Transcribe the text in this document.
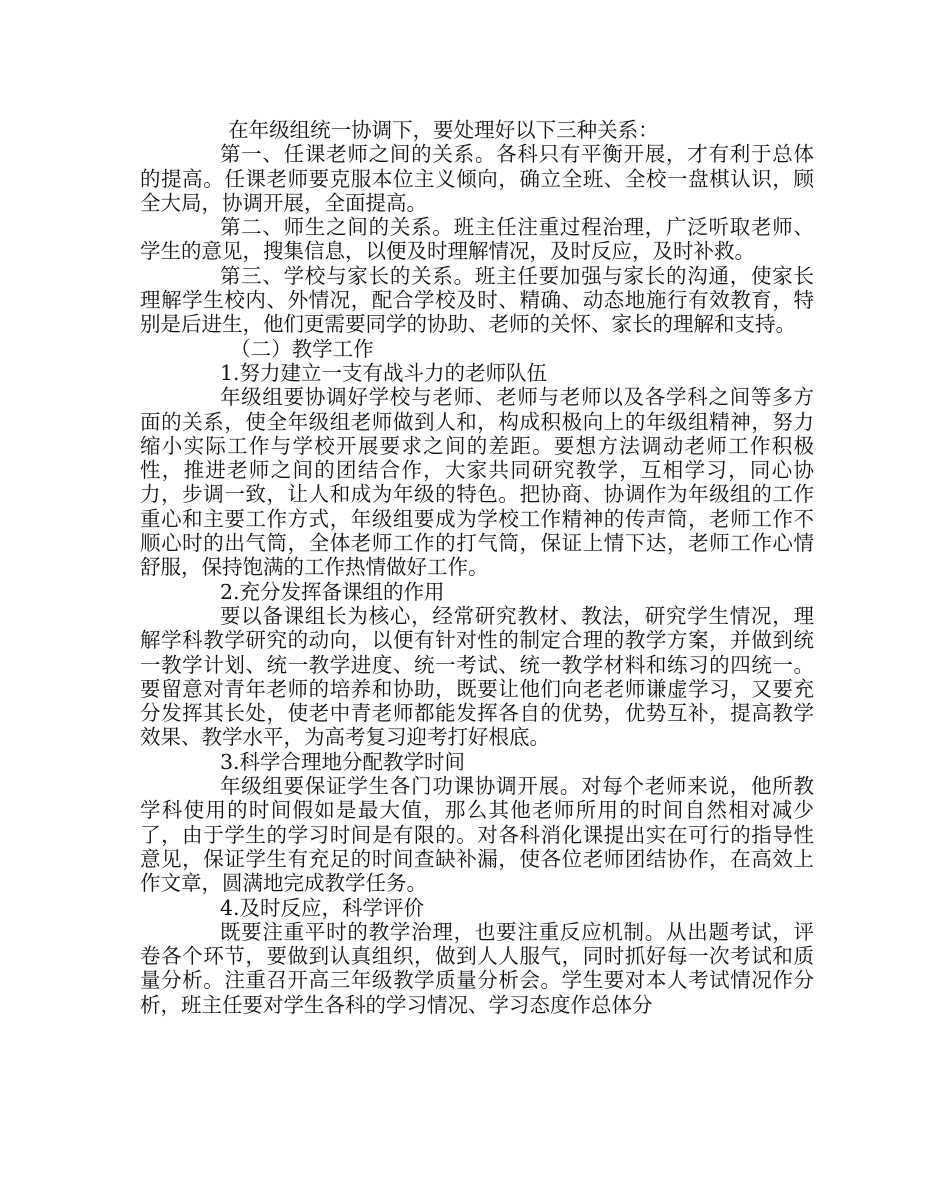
在年级组统一协调下，要处理好以下三种关系：

第一、任课老师之间的关系。各科只有平衡开展，才有利于总体的提高。任课老师要克服本位主义倾向，确立全班、全校一盘棋认识，顾全大局，协调开展，全面提高。

第二、师生之间的关系。班主任注重过程治理，广泛听取老师、学生的意见，搜集信息，以便及时理解情况，及时反应，及时补救。

第三、学校与家长的关系。班主任要加强与家长的沟通，使家长理解学生校内、外情况，配合学校及时、精确、动态地施行有效教育，特别是后进生，他们更需要同学的协助、老师的关怀、家长的理解和支持。

（二）教学工作

1.努力建立一支有战斗力的老师队伍

年级组要协调好学校与老师、老师与老师以及各学科之间等多方面的关系，使全年级组老师做到人和，构成积极向上的年级组精神，努力缩小实际工作与学校开展要求之间的差距。要想方法调动老师工作积极性，推进老师之间的团结合作，大家共同研究教学，互相学习，同心协力，步调一致，让人和成为年级的特色。把协商、协调作为年级组的工作重心和主要工作方式，年级组要成为学校工作精神的传声筒，老师工作不顺心时的出气筒，全体老师工作的打气筒，保证上情下达，老师工作心情舒服，保持饱满的工作热情做好工作。

2.充分发挥备课组的作用

要以备课组长为核心，经常研究教材、教法，研究学生情况，理解学科教学研究的动向，以便有针对性的制定合理的教学方案，并做到统一教学计划、统一教学进度、统一考试、统一教学材料和练习的四统一。要留意对青年老师的培养和协助，既要让他们向老老师谦虚学习，又要充分发挥其长处，使老中青老师都能发挥各自的优势，优势互补，提高教学效果、教学水平，为高考复习迎考打好根底。

3.科学合理地分配教学时间

年级组要保证学生各门功课协调开展。对每个老师来说，他所教学科使用的时间假如是最大值，那么其他老师所用的时间自然相对减少了，由于学生的学习时间是有限的。对各科消化课提出实在可行的指导性意见，保证学生有充足的时间查缺补漏，使各位老师团结协作，在高效上作文章，圆满地完成教学任务。

4.及时反应，科学评价

既要注重平时的教学治理，也要注重反应机制。从出题考试，评卷各个环节，要做到认真组织，做到人人服气，同时抓好每一次考试和质量分析。注重召开高三年级教学质量分析会。学生要对本人考试情况作分析，班主任要对学生各科的学习情况、学习态度作总体分
